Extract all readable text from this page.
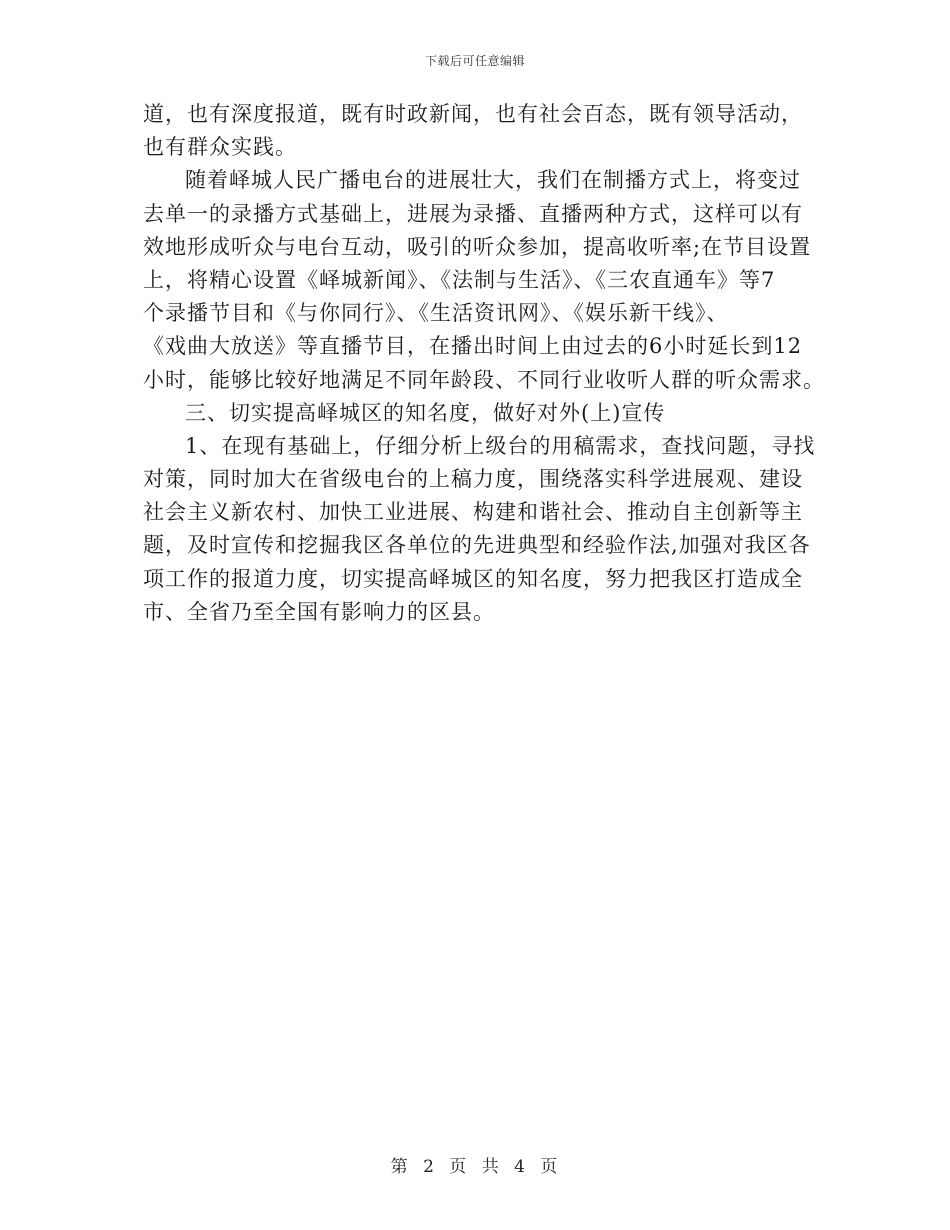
下载后可任意编辑
道，也有深度报道，既有时政新闻，也有社会百态，既有领导活动，
也有群众实践。
随着峄城人民广播电台的进展壮大，我们在制播方式上，将变过
去单一的录播方式基础上，进展为录播、直播两种方式，这样可以有
效地形成听众与电台互动，吸引的听众参加，提高收听率;在节目设置
上，将精心设置《峄城新闻》、《法制与生活》、《三农直通车》等7
个录播节目和《与你同行》、《生活资讯网》、《娱乐新干线》、
《戏曲大放送》等直播节目，在播出时间上由过去的6小时延长到12
小时，能够比较好地满足不同年龄段、不同行业收听人群的听众需求。
三、切实提高峄城区的知名度，做好对外(上)宣传
1、在现有基础上，仔细分析上级台的用稿需求，查找问题，寻找
对策，同时加大在省级电台的上稿力度，围绕落实科学进展观、建设
社会主义新农村、加快工业进展、构建和谐社会、推动自主创新等主
题，及时宣传和挖掘我区各单位的先进典型和经验作法,加强对我区各
项工作的报道力度，切实提高峄城区的知名度，努力把我区打造成全
市、全省乃至全国有影响力的区县。
第 2 页 共 4 页
